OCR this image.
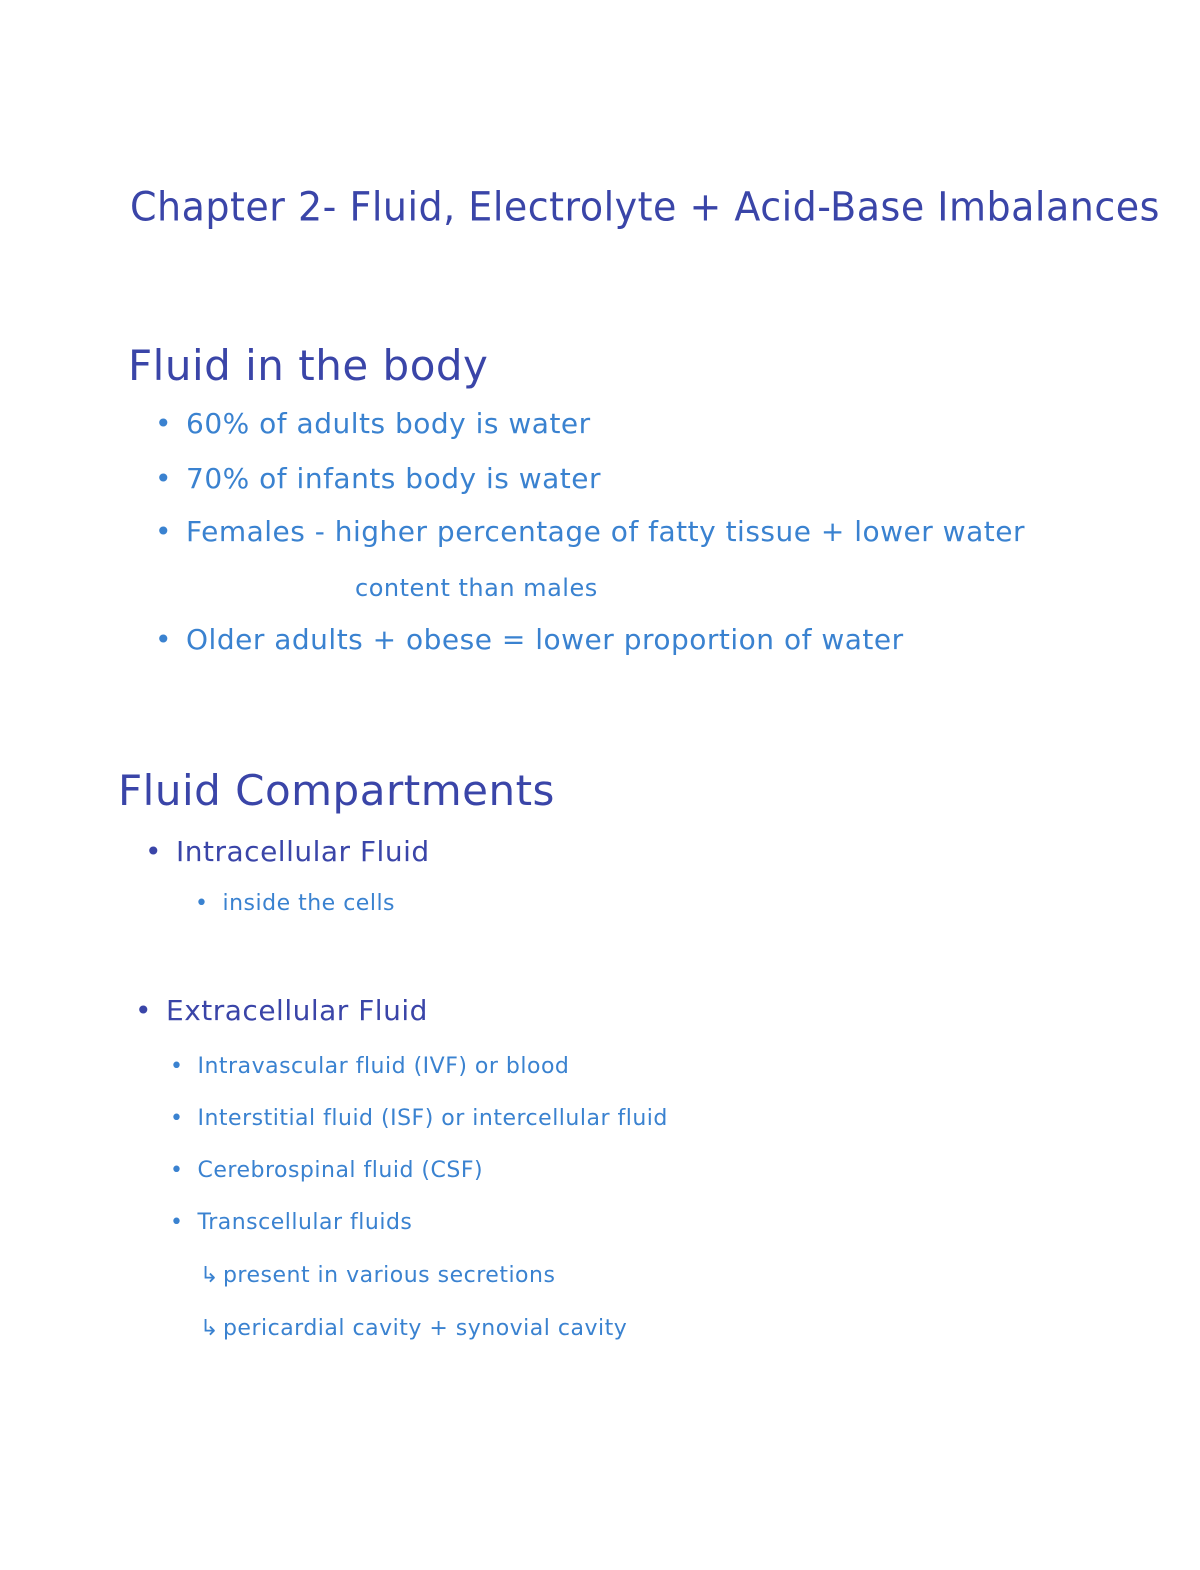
Chapter 2- Fluid, Electrolyte + Acid-Base Imbalances
Fluid in the body
• 60% of adults body is water
• 70% of infants body is water
• Females - higher percentage of fatty tissue + lower water
content than males
• Older adults + obese = lower proportion of water
Fluid Compartments
• Intracellular Fluid
• inside the cells
• Extracellular Fluid
• Intravascular fluid (IVF) or blood
• Interstitial fluid (ISF) or intercellular fluid
• Cerebrospinal fluid (CSF)
• Transcellular fluids
↳ present in various secretions
↳ pericardial cavity + synovial cavity
